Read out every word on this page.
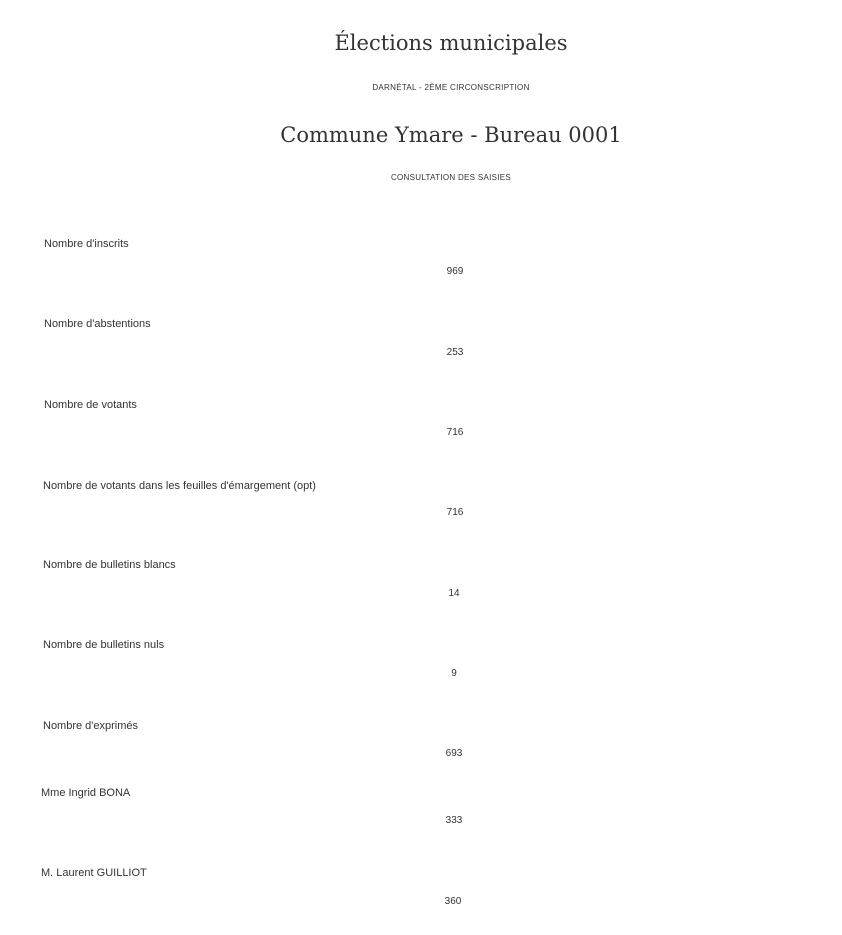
Élections municipales
DARNÉTAL - 2ÈME CIRCONSCRIPTION
Commune Ymare - Bureau 0001
CONSULTATION DES SAISIES
Nombre d'inscrits
969
Nombre d'abstentions
253
Nombre de votants
716
Nombre de votants dans les feuilles d'émargement (opt)
716
Nombre de bulletins blancs
14
Nombre de bulletins nuls
9
Nombre d'exprimés
693
Mme Ingrid BONA
333
M. Laurent GUILLIOT
360
